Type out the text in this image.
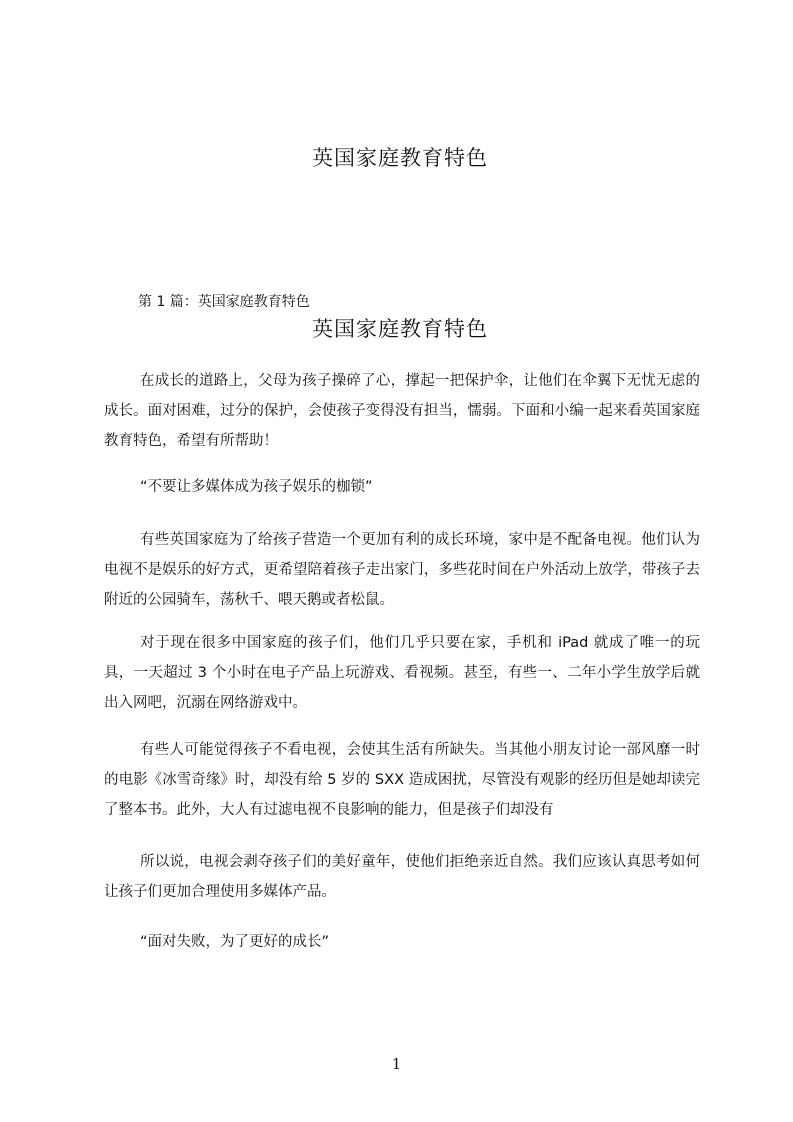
英国家庭教育特色
第 1 篇：英国家庭教育特色
英国家庭教育特色

在成长的道路上，父母为孩子操碎了心，撑起一把保护伞，让他们在伞翼下无忧无虑的成长。面对困难，过分的保护，会使孩子变得没有担当，懦弱。下面和小编一起来看英国家庭教育特色，希望有所帮助！

“不要让多媒体成为孩子娱乐的枷锁”

有些英国家庭为了给孩子营造一个更加有利的成长环境，家中是不配备电视。他们认为电视不是娱乐的好方式，更希望陪着孩子走出家门，多些花时间在户外活动上放学，带孩子去附近的公园骑车，荡秋千、喂天鹅或者松鼠。

对于现在很多中国家庭的孩子们，他们几乎只要在家，手机和 iPad 就成了唯一的玩具，一天超过 3 个小时在电子产品上玩游戏、看视频。甚至，有些一、二年小学生放学后就出入网吧，沉溺在网络游戏中。

有些人可能觉得孩子不看电视，会使其生活有所缺失。当其他小朋友讨论一部风靡一时的电影《冰雪奇缘》时，却没有给 5 岁的 SXX 造成困扰，尽管没有观影的经历但是她却读完了整本书。此外，大人有过滤电视不良影响的能力，但是孩子们却没有

所以说，电视会剥夺孩子们的美好童年，使他们拒绝亲近自然。我们应该认真思考如何让孩子们更加合理使用多媒体产品。

“面对失败，为了更好的成长”

1
